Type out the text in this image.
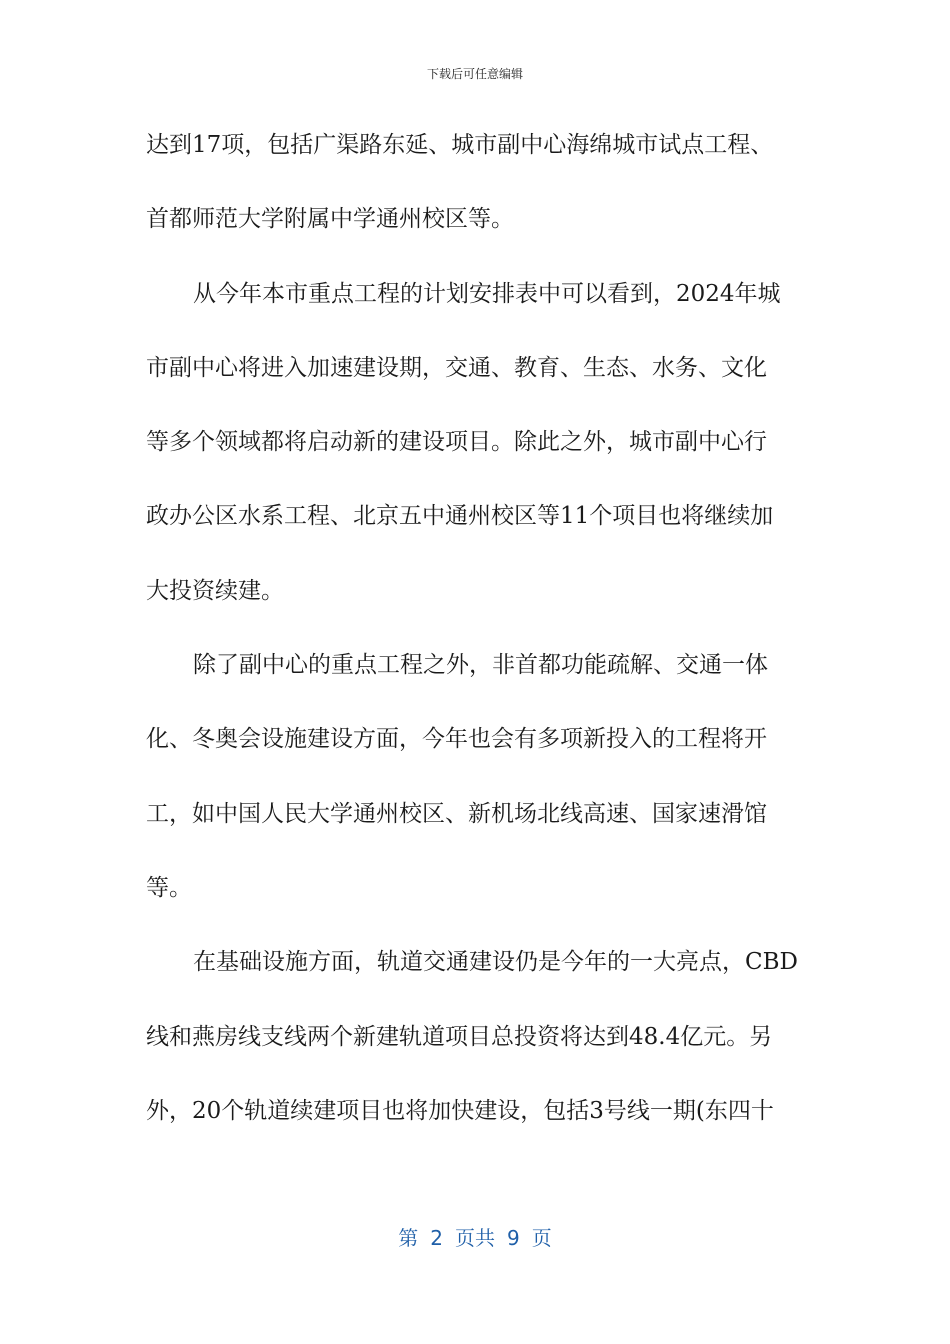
下载后可任意编辑
达到17项，包括广渠路东延、城市副中心海绵城市试点工程、
首都师范大学附属中学通州校区等。
从今年本市重点工程的计划安排表中可以看到，2024年城
市副中心将进入加速建设期，交通、教育、生态、水务、文化
等多个领域都将启动新的建设项目。除此之外，城市副中心行
政办公区水系工程、北京五中通州校区等11个项目也将继续加
大投资续建。
除了副中心的重点工程之外，非首都功能疏解、交通一体
化、冬奥会设施建设方面，今年也会有多项新投入的工程将开
工，如中国人民大学通州校区、新机场北线高速、国家速滑馆
等。
在基础设施方面，轨道交通建设仍是今年的一大亮点，CBD
线和燕房线支线两个新建轨道项目总投资将达到48.4亿元。另
外，20个轨道续建项目也将加快建设，包括3号线一期(东四十
第 2 页共 9 页
